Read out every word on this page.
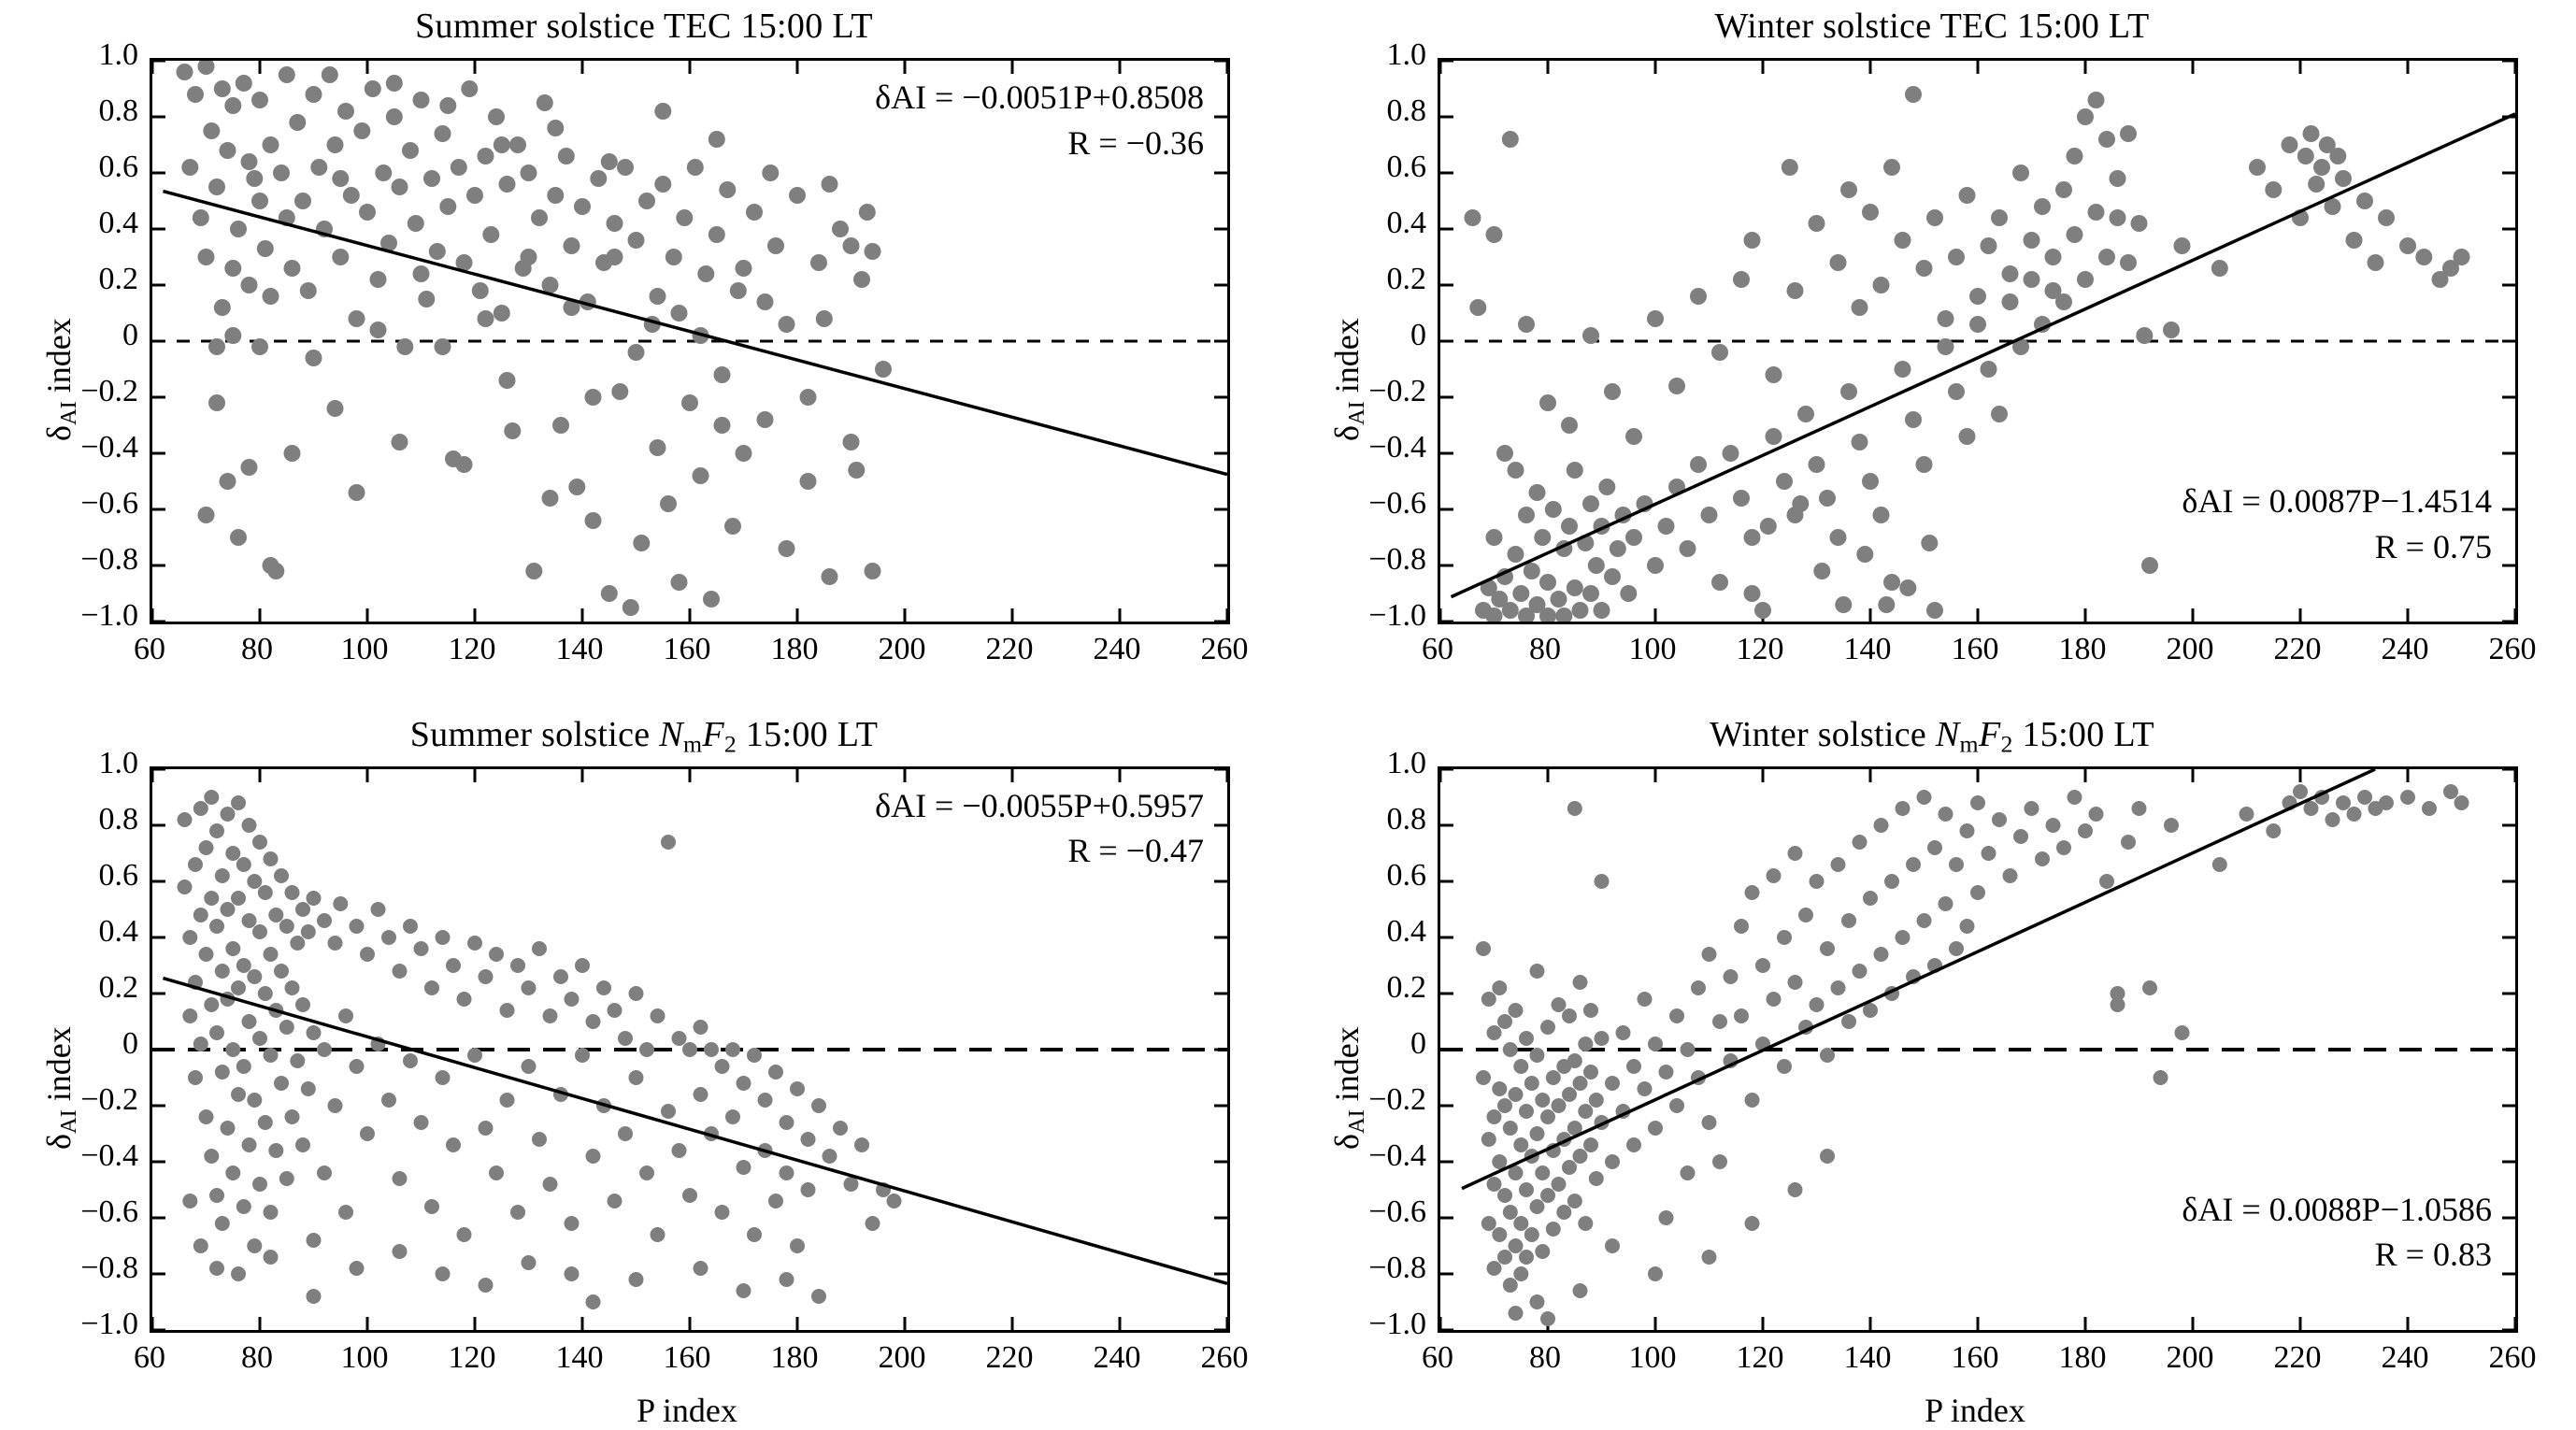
Summer solstice TEC 15:00 LT
$\delta_{AI}$ index
δAI = −0.0051P+0.8508
R = −0.36
1.0
0.8
0.6
0.4
0.2
0
−0.2
−0.4
−0.6
−0.8
−1.0
60	80	100	120	140	160	180	200	220	240	260
Winter solstice TEC 15:00 LT
$\delta_{AI}$ index
δAI = 0.0087P−1.4514
R = 0.75
1.0
0.8
0.6
0.4
0.2
0
−0.2
−0.4
−0.6
−0.8
−1.0
60	80	100	120	140	160	180	200	220	240	260
Summer solstice $N_mF_2$ 15:00 LT
$\delta_{AI}$ index
P index
δAI = −0.0055P+0.5957
R = −0.47
1.0
0.8
0.6
0.4
0.2
0
−0.2
−0.4
−0.6
−0.8
−1.0
60	80	100	120	140	160	180	200	220	240	260
Winter solstice $N_mF_2$ 15:00 LT
$\delta_{AI}$ index
P index
δAI = 0.0088P−1.0586
R = 0.83
1.0
0.8
0.6
0.4
0.2
0
−0.2
−0.4
−0.6
−0.8
−1.0
60	80	100	120	140	160	180	200	220	240	260
